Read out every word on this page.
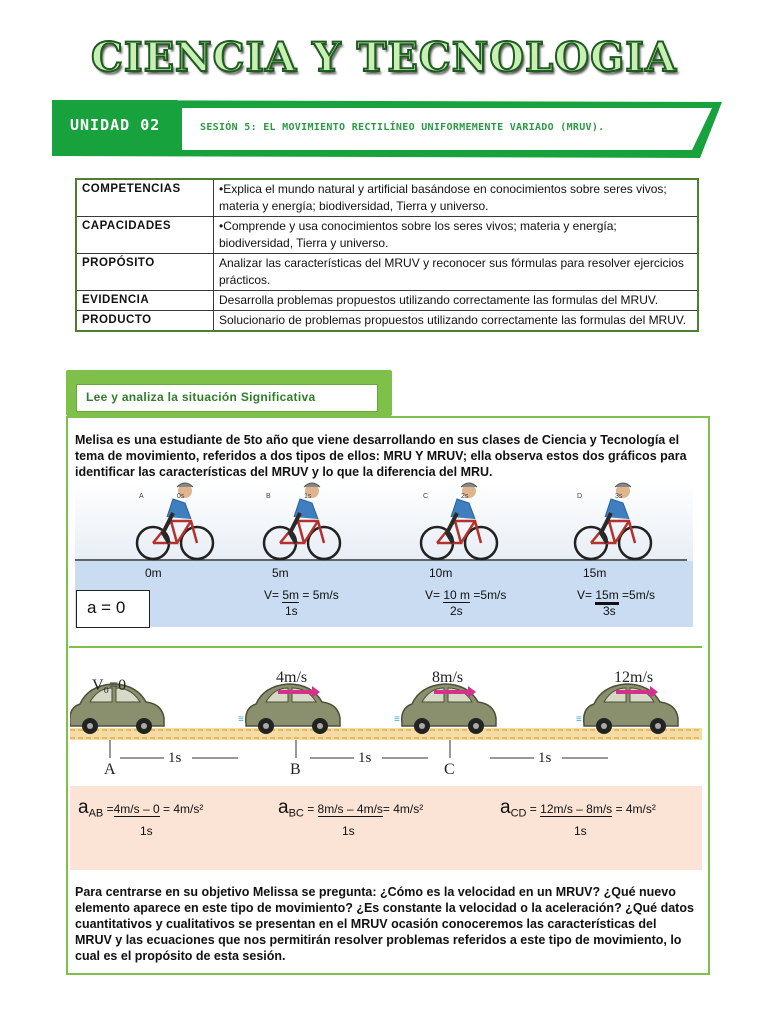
CIENCIA Y TECNOLOGIA
UNIDAD 02	SESIÓN 5: EL MOVIMIENTO RECTILÍNEO UNIFORMEMENTE VARIADO (MRUV).
COMPETENCIAS	•Explica el mundo natural y artificial basándose en conocimientos sobre seres vivos; materia y energía; biodiversidad, Tierra y universo.
CAPACIDADES	•Comprende y usa conocimientos sobre los seres vivos; materia y energía; biodiversidad, Tierra y universo.
PROPÓSITO	Analizar las características del MRUV y reconocer sus fórmulas para resolver ejercicios prácticos.
EVIDENCIA	Desarrolla problemas propuestos utilizando correctamente las formulas del MRUV.
PRODUCTO	Solucionario de problemas propuestos utilizando correctamente las formulas del MRUV.
Lee y analiza la situación Significativa
Melisa es una estudiante de 5to año que viene desarrollando en sus clases de Ciencia y Tecnología el tema de movimiento, referidos a dos tipos de ellos: MRU Y MRUV; ella observa estos dos gráficos para identificar las características del MRUV y lo que la diferencia del MRU.
A	0s
0m
B	1s
5m
C	2s
10m
D	3s
15m
a = 0
V= 5m = 5m/s
1s
V= 10 m =5m/s
2s
V= 15m =5m/s
3s
≡	≡	≡
V₀=0	4m/s	8m/s	12m/s
A	B	C
1s	1s	1s
$a_{AB} =4m/s - 0 = 4m/s^2$
1s
$a_{BC} = 8m/s - 4m/s= 4m/s^2$
1s
$a_{CD} = 12m/s - 8m/s = 4m/s^2$
1s
Para centrarse en su objetivo Melissa se pregunta: ¿Cómo es la velocidad en un MRUV? ¿Qué nuevo elemento aparece en este tipo de movimiento? ¿Es constante la velocidad o la aceleración? ¿Qué datos cuantitativos y cualitativos se presentan en el MRUV ocasión conoceremos las características del MRUV y las ecuaciones que nos permitirán resolver problemas referidos a este tipo de movimiento, lo cual es el propósito de esta sesión.
